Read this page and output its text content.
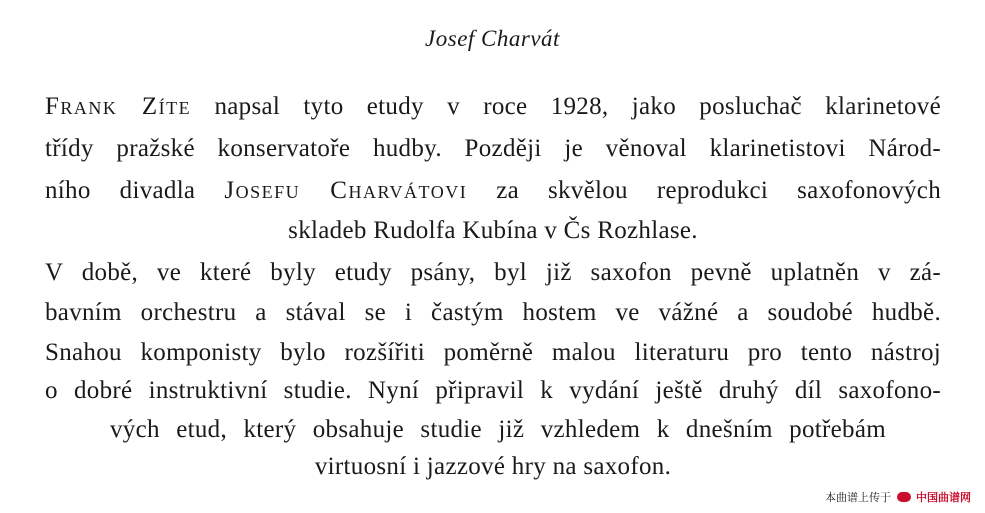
Josef Charvát
Frank Zíte napsal tyto etudy v roce 1928, jako posluchač klarinetové
třídy pražské konservatoře hudby. Později je věnoval klarinetistovi Národ-
ního divadla Josefu Charvátovi za skvělou reprodukci saxofonových
skladeb Rudolfa Kubína v Čs Rozhlase.
V době, ve které byly etudy psány, byl již saxofon pevně uplatněn v zá-
bavním orchestru a stával se i častým hostem ve vážné a soudobé hudbě.
Snahou komponisty bylo rozšířiti poměrně malou literaturu pro tento nástroj
o dobré instruktivní studie. Nyní připravil k vydání ještě druhý díl saxofono-
vých etud, který obsahuje studie již vzhledem k dnešním potřebám
virtuosní i jazzové hry na saxofon.
本曲谱上传于 中国曲谱网
